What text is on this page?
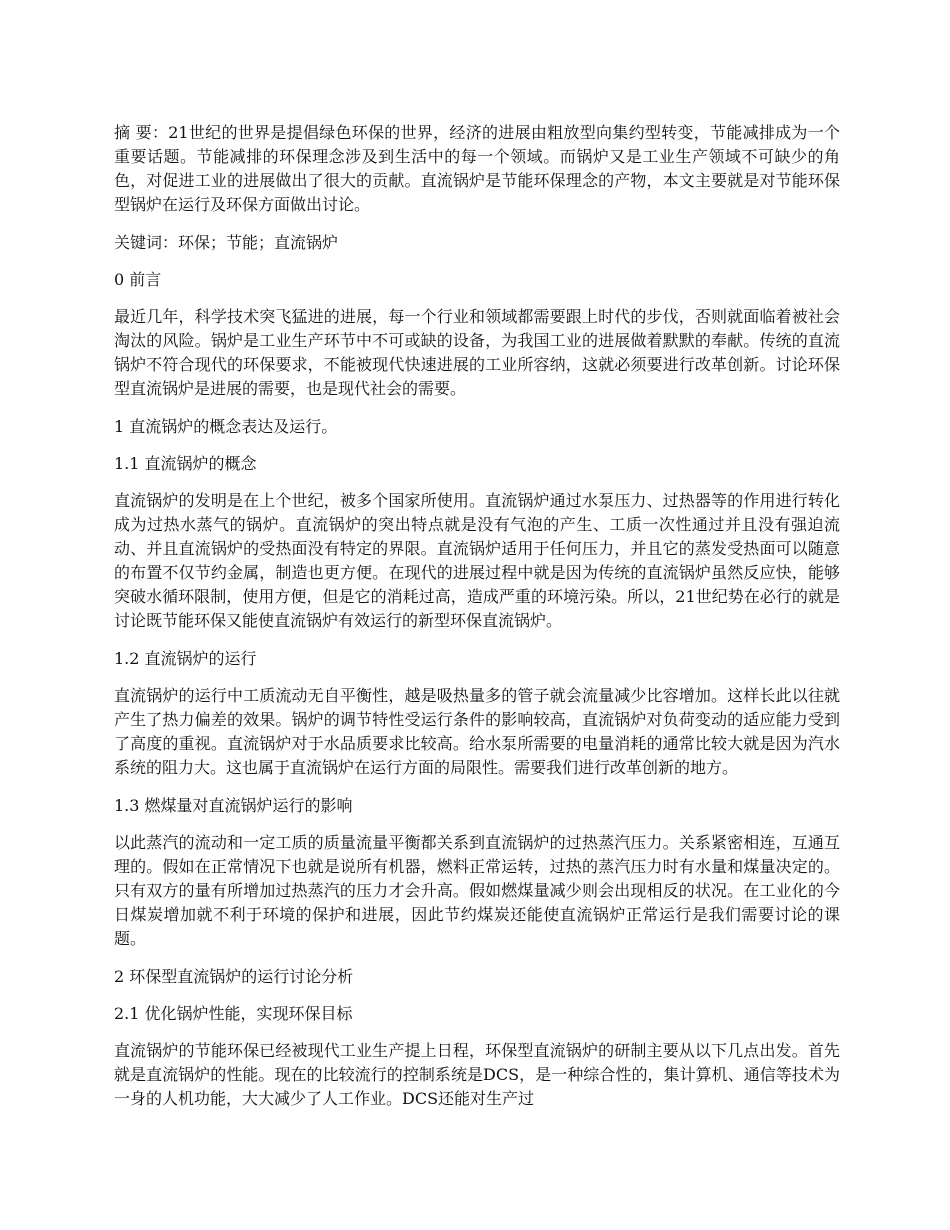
摘 要：21世纪的世界是提倡绿色环保的世界，经济的进展由粗放型向集约型转变，节能减排成为一个重要话题。节能减排的环保理念涉及到生活中的每一个领域。而锅炉又是工业生产领域不可缺少的角色，对促进工业的进展做出了很大的贡献。直流锅炉是节能环保理念的产物，本文主要就是对节能环保型锅炉在运行及环保方面做出讨论。

关键词：环保；节能；直流锅炉

0 前言

最近几年，科学技术突飞猛进的进展，每一个行业和领域都需要跟上时代的步伐，否则就面临着被社会淘汰的风险。锅炉是工业生产环节中不可或缺的设备，为我国工业的进展做着默默的奉献。传统的直流锅炉不符合现代的环保要求，不能被现代快速进展的工业所容纳，这就必须要进行改革创新。讨论环保型直流锅炉是进展的需要，也是现代社会的需要。

1 直流锅炉的概念表达及运行。

1.1 直流锅炉的概念

直流锅炉的发明是在上个世纪，被多个国家所使用。直流锅炉通过水泵压力、过热器等的作用进行转化成为过热水蒸气的锅炉。直流锅炉的突出特点就是没有气泡的产生、工质一次性通过并且没有强迫流动、并且直流锅炉的受热面没有特定的界限。直流锅炉适用于任何压力，并且它的蒸发受热面可以随意的布置不仅节约金属，制造也更方便。在现代的进展过程中就是因为传统的直流锅炉虽然反应快，能够突破水循环限制，使用方便，但是它的消耗过高，造成严重的环境污染。所以，21世纪势在必行的就是讨论既节能环保又能使直流锅炉有效运行的新型环保直流锅炉。

1.2 直流锅炉的运行

直流锅炉的运行中工质流动无自平衡性，越是吸热量多的管子就会流量减少比容增加。这样长此以往就产生了热力偏差的效果。锅炉的调节特性受运行条件的影响较高，直流锅炉对负荷变动的适应能力受到了高度的重视。直流锅炉对于水品质要求比较高。给水泵所需要的电量消耗的通常比较大就是因为汽水系统的阻力大。这也属于直流锅炉在运行方面的局限性。需要我们进行改革创新的地方。

1.3 燃煤量对直流锅炉运行的影响

以此蒸汽的流动和一定工质的质量流量平衡都关系到直流锅炉的过热蒸汽压力。关系紧密相连，互通互理的。假如在正常情况下也就是说所有机器，燃料正常运转，过热的蒸汽压力时有水量和煤量决定的。只有双方的量有所增加过热蒸汽的压力才会升高。假如燃煤量减少则会出现相反的状况。在工业化的今日煤炭增加就不利于环境的保护和进展，因此节约煤炭还能使直流锅炉正常运行是我们需要讨论的课题。

2 环保型直流锅炉的运行讨论分析

2.1 优化锅炉性能，实现环保目标

直流锅炉的节能环保已经被现代工业生产提上日程，环保型直流锅炉的研制主要从以下几点出发。首先就是直流锅炉的性能。现在的比较流行的控制系统是DCS，是一种综合性的，集计算机、通信等技术为一身的人机功能，大大减少了人工作业。DCS还能对生产过
